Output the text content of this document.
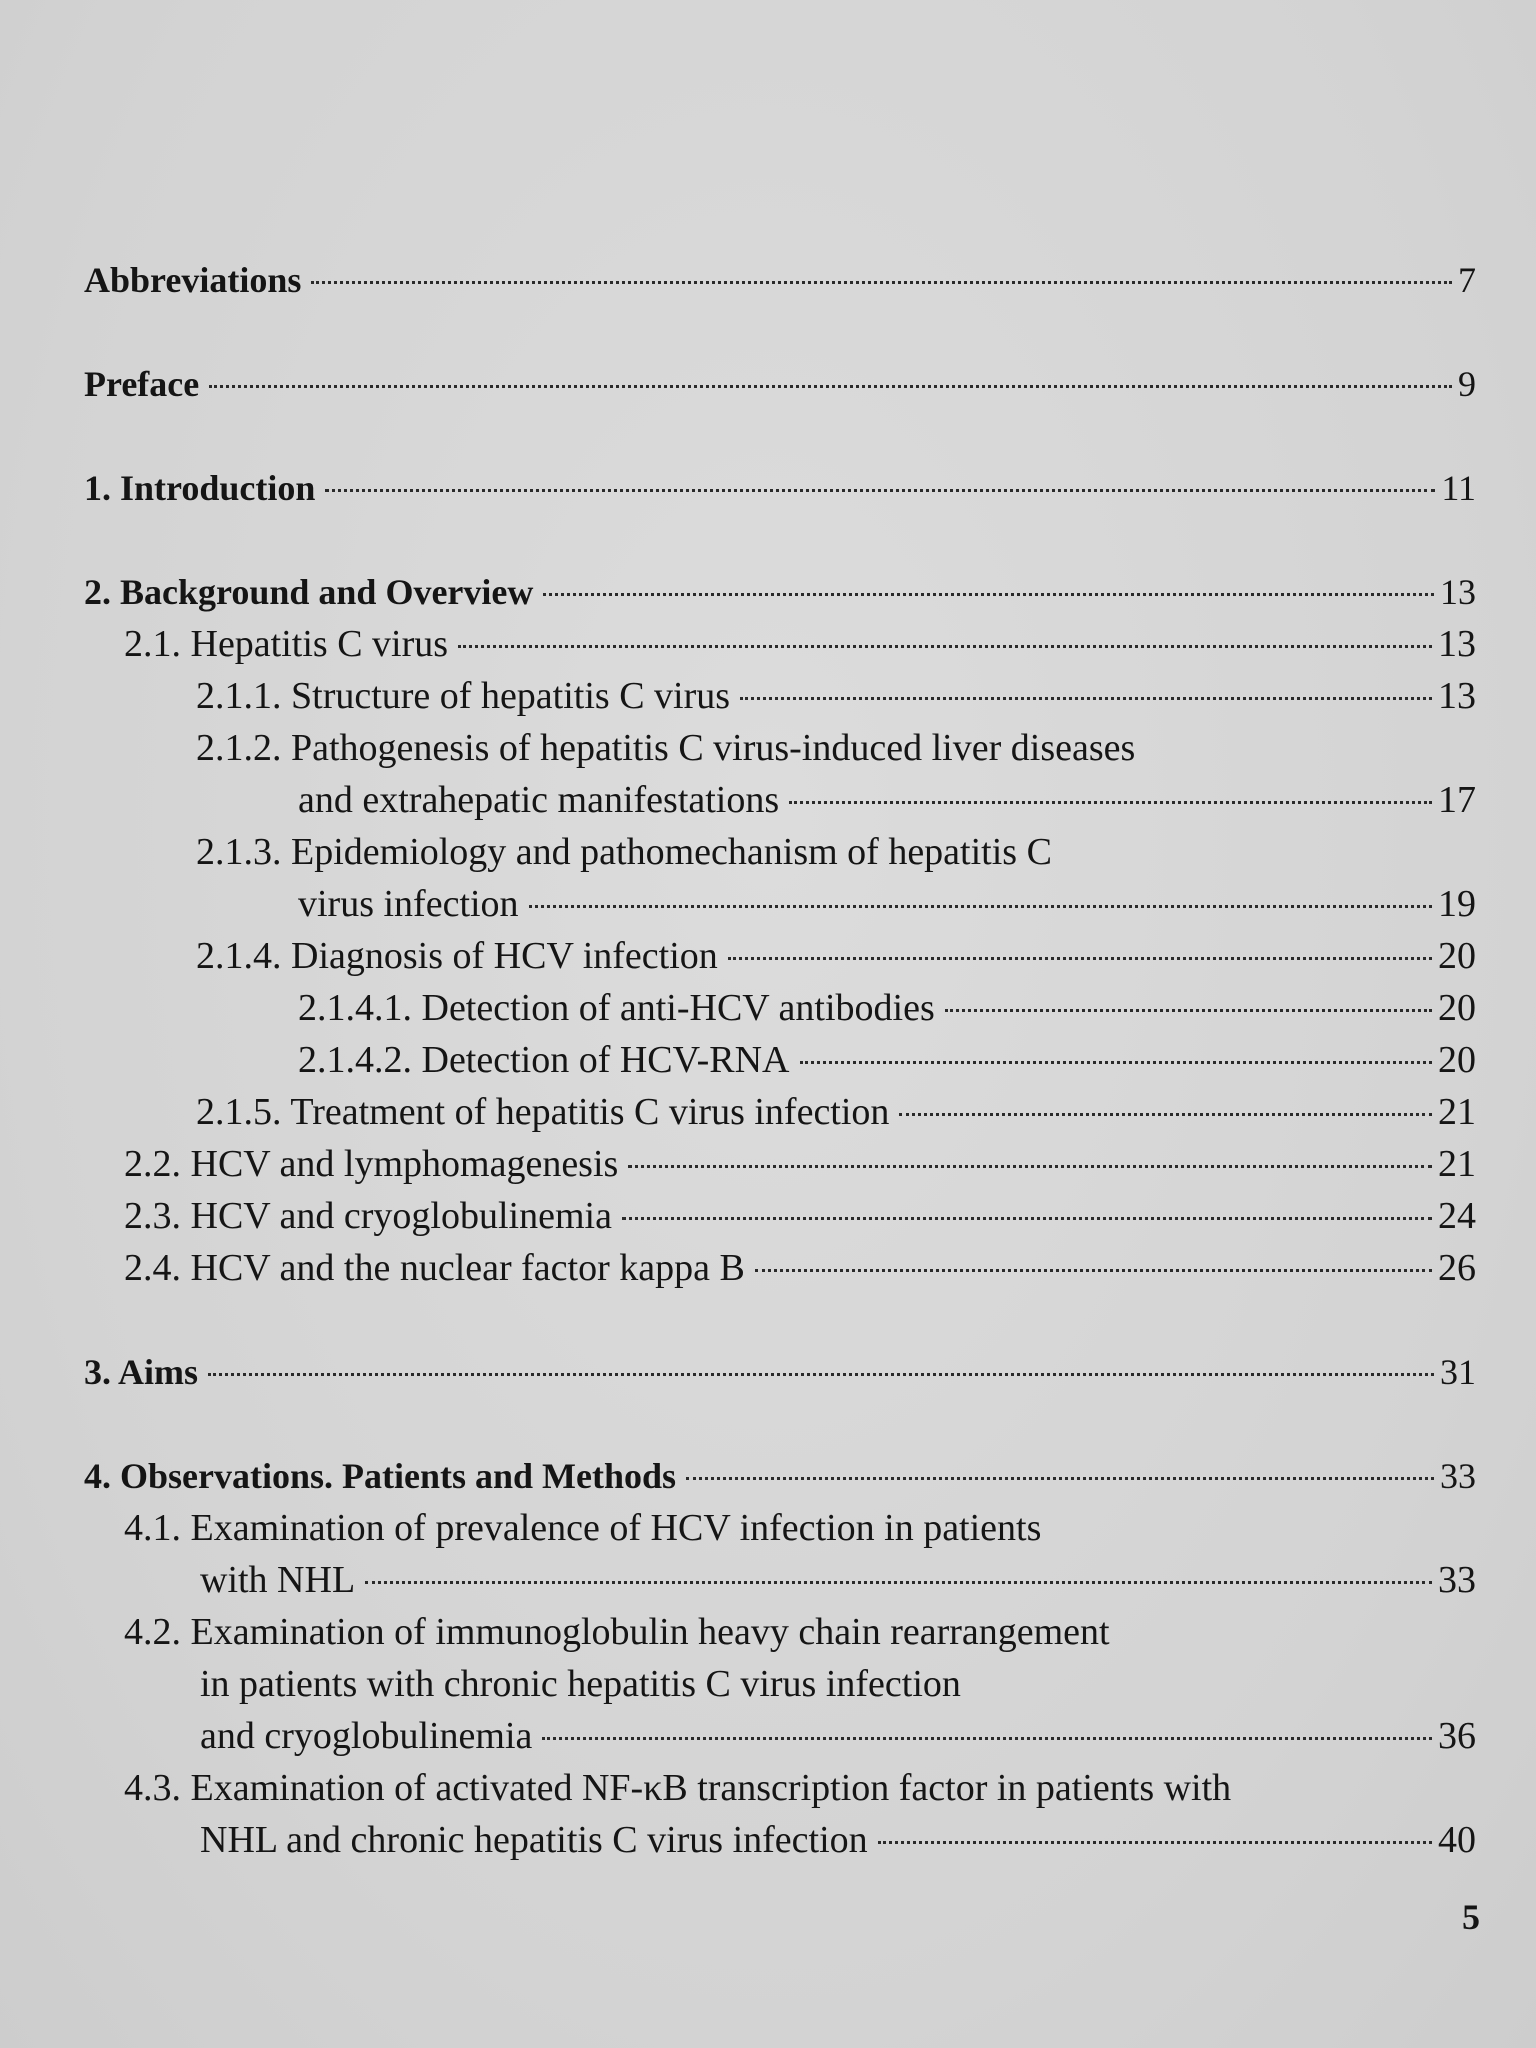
Abbreviations	7
Preface	9
1. Introduction	11
2. Background and Overview	13
2.1. Hepatitis C virus	13
2.1.1. Structure of hepatitis C virus	13
2.1.2. Pathogenesis of hepatitis C virus-induced liver diseases
and extrahepatic manifestations	17
2.1.3. Epidemiology and pathomechanism of hepatitis C
virus infection	19
2.1.4. Diagnosis of HCV infection	20
2.1.4.1. Detection of anti-HCV antibodies	20
2.1.4.2. Detection of HCV-RNA	20
2.1.5. Treatment of hepatitis C virus infection	21
2.2. HCV and lymphomagenesis	21
2.3. HCV and cryoglobulinemia	24
2.4. HCV and the nuclear factor kappa B	26
3. Aims	31
4. Observations. Patients and Methods	33
4.1. Examination of prevalence of HCV infection in patients
with NHL	33
4.2. Examination of immunoglobulin heavy chain rearrangement
in patients with chronic hepatitis C virus infection
and cryoglobulinemia	36
4.3. Examination of activated NF-κB transcription factor in patients with
NHL and chronic hepatitis C virus infection	40
5
